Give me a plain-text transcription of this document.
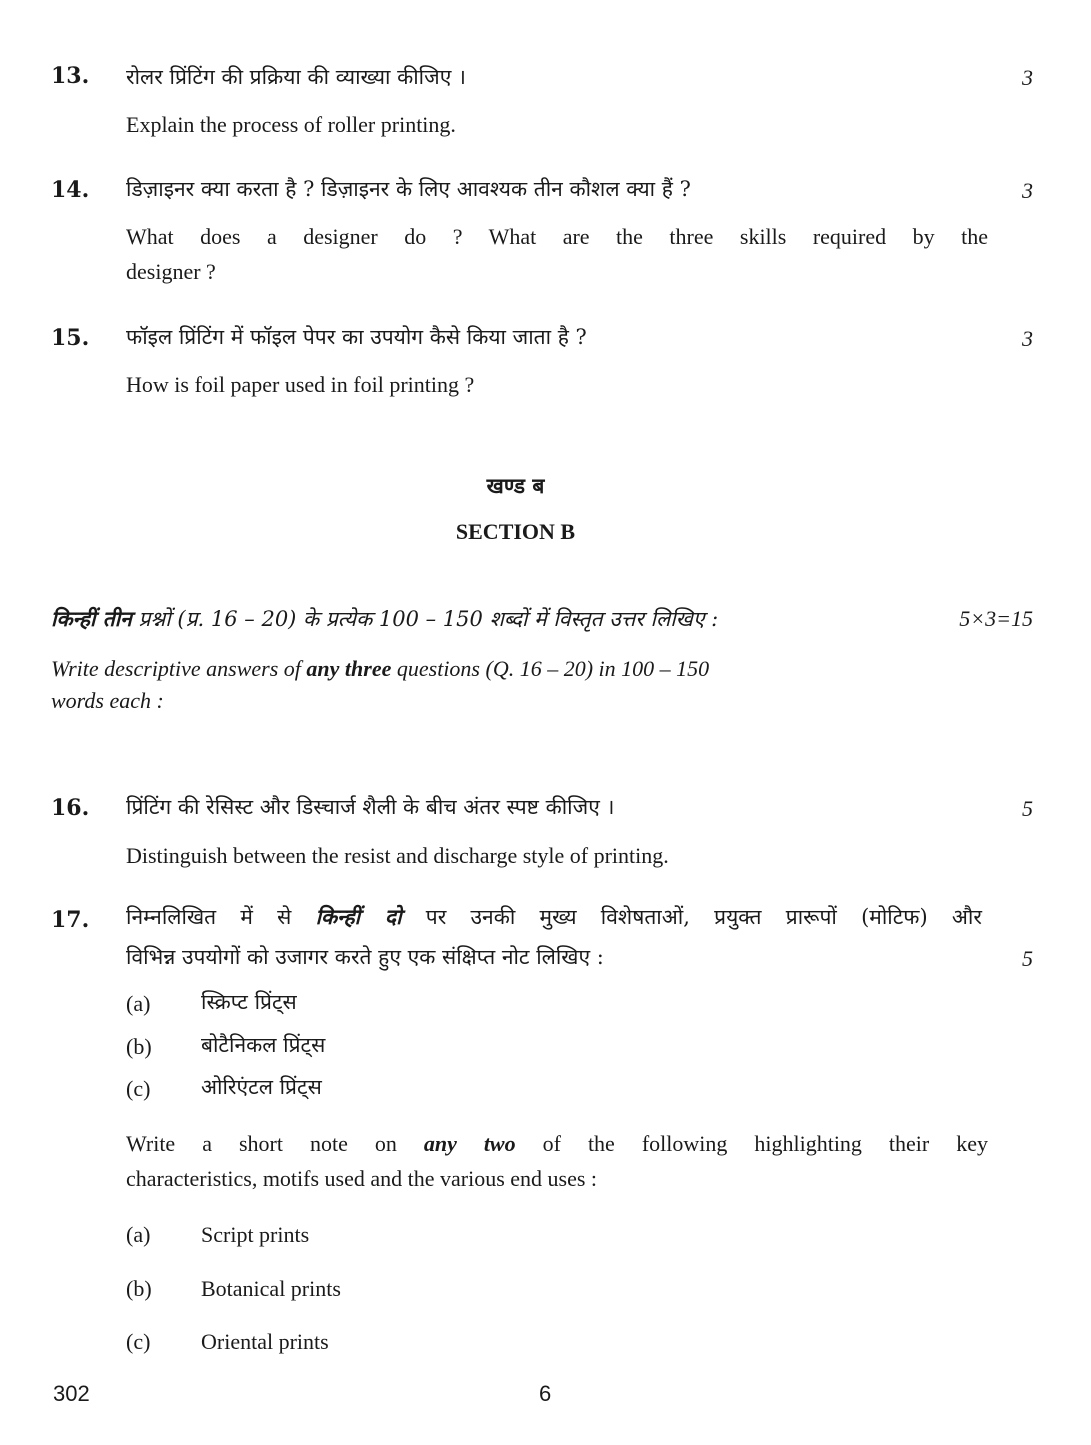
13. रोलर प्रिंटिंग की प्रक्रिया की व्याख्या कीजिए ।	3
Explain the process of roller printing.
14. डिज़ाइनर क्या करता है ? डिज़ाइनर के लिए आवश्यक तीन कौशल क्या हैं ?	3
What does a designer do ? What are the three skills required by the
designer ?
15. फॉइल प्रिंटिंग में फॉइल पेपर का उपयोग कैसे किया जाता है ?	3
How is foil paper used in foil printing ?
खण्ड ब
SECTION B
किन्हीं तीन प्रश्नों (प्र. 16 – 20) के प्रत्येक 100 – 150 शब्दों में विस्तृत उत्तर लिखिए :	5×3=15
Write descriptive answers of any three questions (Q. 16 – 20) in 100 – 150
words each :
16. प्रिंटिंग की रेसिस्ट और डिस्चार्ज शैली के बीच अंतर स्पष्ट कीजिए ।	5
Distinguish between the resist and discharge style of printing.
17. निम्नलिखित में से किन्हीं दो पर उनकी मुख्य विशेषताओं, प्रयुक्त प्रारूपों (मोटिफ) और
विभिन्न उपयोगों को उजागर करते हुए एक संक्षिप्त नोट लिखिए :	5
(a) स्क्रिप्ट प्रिंट्स
(b) बोटैनिकल प्रिंट्स
(c) ओरिएंटल प्रिंट्स
Write a short note on any two of the following highlighting their key
characteristics, motifs used and the various end uses :
(a) Script prints
(b) Botanical prints
(c) Oriental prints
302	6
